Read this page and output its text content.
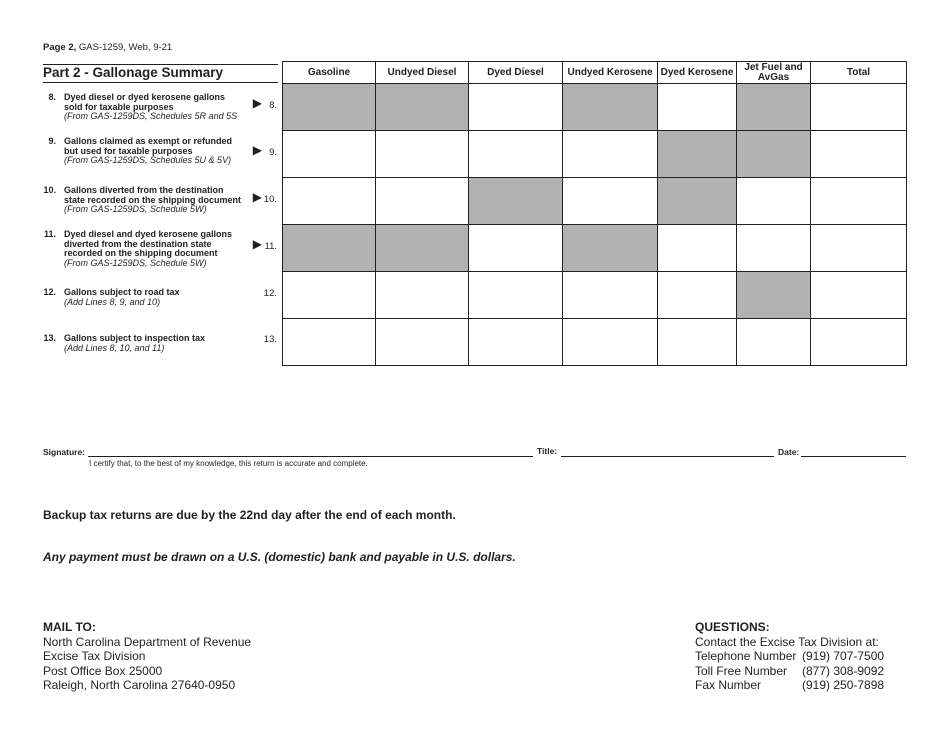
Page 2, GAS-1259, Web, 9-21
Part 2 - Gallonage Summary
8. Dyed diesel or dyed kerosene gallons sold for taxable purposes
(From GAS-1259DS, Schedules 5R and 5S
▶ 8.
9. Gallons claimed as exempt or refunded but used for taxable purposes
(From GAS-1259DS, Schedules 5U & 5V)
▶ 9.
10. Gallons diverted from the destination state recorded on the shipping document (From GAS-1259DS, Schedule 5W)
▶ 10.
11. Dyed diesel and dyed kerosene gallons diverted from the destination state recorded on the shipping document
(From GAS-1259DS, Schedule 5W)
▶ 11.
12. Gallons subject to road tax
(Add Lines 8, 9, and 10)
12.
13. Gallons subject to inspection tax
(Add Lines 8, 10, and 11)
13.
Gasoline	Undyed Diesel	Dyed Diesel	Undyed Kerosene	Dyed Kerosene	Jet Fuel and AvGas	Total

Signature:	Title:	Date:
I certify that, to the best of my knowledge, this return is accurate and complete.
Backup tax returns are due by the 22nd day after the end of each month.
Any payment must be drawn on a U.S. (domestic) bank and payable in U.S. dollars.
MAIL TO:
North Carolina Department of Revenue
Excise Tax Division
Post Office Box 25000
Raleigh, North Carolina 27640-0950
QUESTIONS:
Contact the Excise Tax Division at:
Telephone Number (919) 707-7500
Toll Free Number	(877) 308-9092
Fax Number	(919) 250-7898
